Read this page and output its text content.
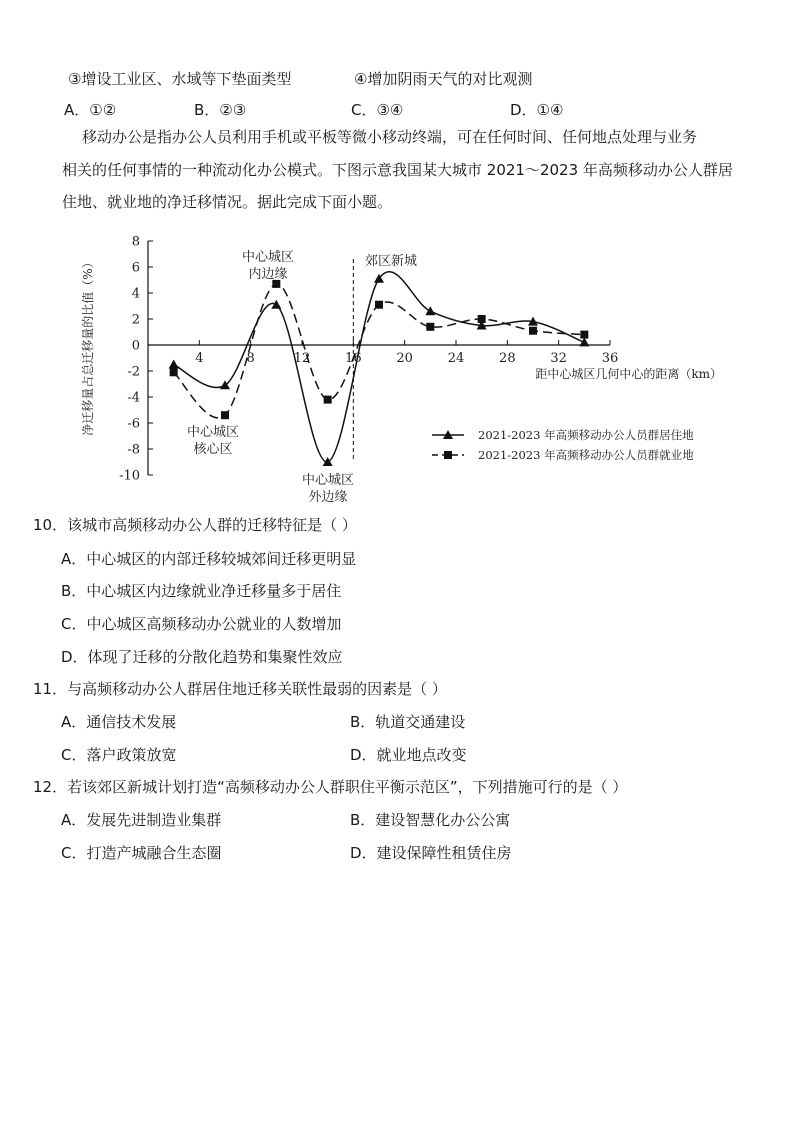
③增设工业区、水域等下垫面类型	④增加阴雨天气的对比观测
A．①②	B．②③	C．③④	D．①④
移动办公是指办公人员利用手机或平板等微小移动终端，可在任何时间、任何地点处理与业务
相关的任何事情的一种流动化办公模式。下图示意我国某大城市 2021～2023 年高频移动办公人群居
住地、就业地的净迁移情况。据此完成下面小题。
8
6
4
2
0
-2
-4
-6
-8
-10
4	8	12	16	20	24	28	32	36
净迁移量占总迁移量的比值（%）	距中心城区几何中心的距离（km）
中心城区
核心区
中心城区
内边缘
中心城区
外边缘
郊区新城
2021-2023 年高频移动办公人员群居住地
2021-2023 年高频移动办公人员群就业地
10．该城市高频移动办公人群的迁移特征是（ ）
A．中心城区的内部迁移较城郊间迁移更明显
B．中心城区内边缘就业净迁移量多于居住
C．中心城区高频移动办公就业的人数增加
D．体现了迁移的分散化趋势和集聚性效应
11．与高频移动办公人群居住地迁移关联性最弱的因素是（ ）
A．通信技术发展	B．轨道交通建设
C．落户政策放宽	D．就业地点改变
12．若该郊区新城计划打造“高频移动办公人群职住平衡示范区”，下列措施可行的是（ ）
A．发展先进制造业集群	B．建设智慧化办公公寓
C．打造产城融合生态圈	D．建设保障性租赁住房
